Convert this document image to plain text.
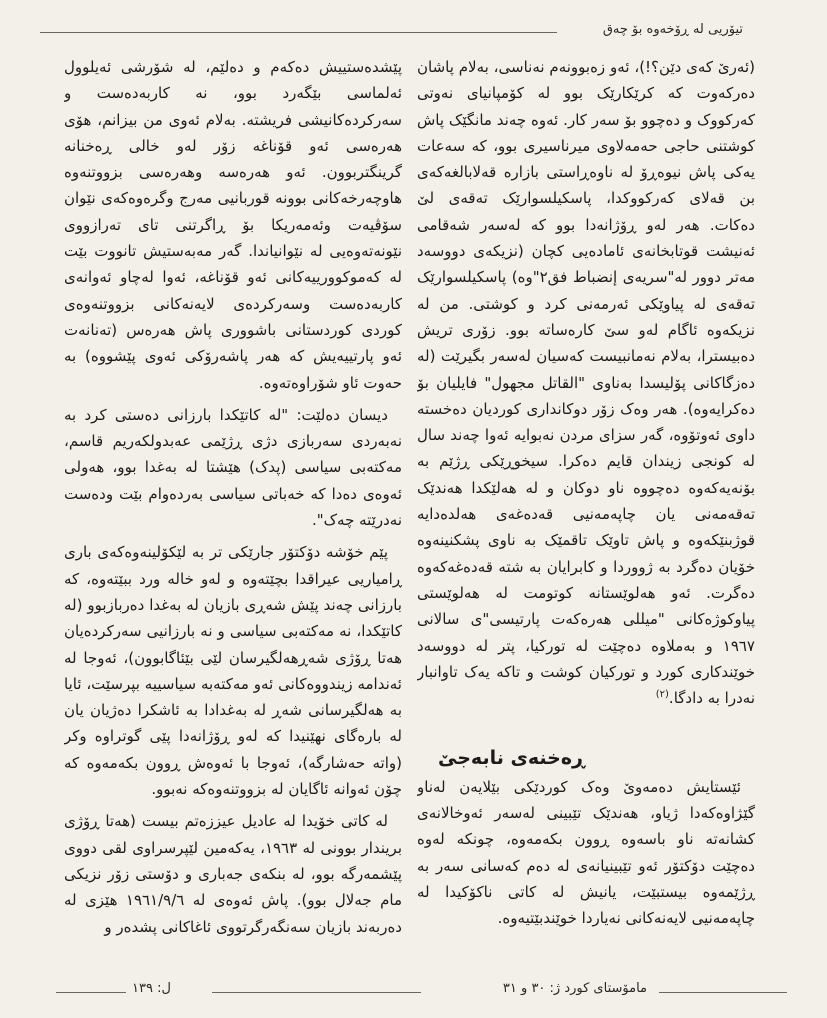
تیۆریی لە ڕۆخەوە بۆ چەق

(ئەرێ کەی دێن؟!)، ئەو زەبوونەم نەناسی، بەلام پاشان دەرکەوت کە کرێکارێک بوو لە کۆمپانیای نەوتی کەرکووک و دەچوو بۆ سەر کار. ئەوە چەند مانگێک پاش کوشتنی حاجی حەمەلاوی میرناسیری بوو، کە سەعات یەکی پاش نیوەڕۆ لە ناوەڕاستی بازارە قەلابالغەکەی بن قەلای کەرکووکدا، پاسکیلسوارێک تەقەی لێ دەکات. هەر لەو ڕۆژانەدا بوو کە لەسەر شەقامی ئەنیشت قوتابخانەی ئامادەیی کچان (نزیکەی دووسەد مەتر دوور لە"سریەی إنضباط فق٢"وە) پاسکیلسوارێک تەقەی لە پیاوێکی ئەرمەنی کرد و کوشتی. من لە نزیکەوە ئاگام لەو سێ کارەساتە بوو. زۆری تریش دەبیسترا، بەلام نەمانبیست کەسیان لەسەر بگیرێت (لە دەزگاکانی پۆلیسدا بەناوی "القاتل مجهول" فایلیان بۆ دەکرایەوە). هەر وەک زۆر دوکانداری کوردیان دەخستە داوی ئەوتۆوە، گەر سزای مردن نەبوایە ئەوا چەند سال لە کونجی زیندان قایم دەکرا. سیخوڕێکی ڕژێم بە بۆنەیەکەوە دەچووە ناو دوکان و لە هەلێکدا هەندێک تەقەمەنی یان چاپەمەنیی قەدەغەی هەلدەدایە قوژبنێکەوە و پاش تاوێک تاقمێک بە ناوی پشکنینەوە خۆیان دەگرد بە ژووردا و کابرایان بە شتە قەدەغەکەوە دەگرت. ئەو هەلوێستانە کوتومت لە هەلوێستی پیاوکوژەکانی "میللی هەرەکەت پارتیسی"ی سالانی ١٩٦٧ و بەملاوە دەچێت لە تورکیا، پتر لە دووسەد خوێندکاری کورد و تورکیان کوشت و تاکە یەک تاوانبار نەدرا بە دادگا.$^{(٢)}$

ڕەخنەی نابەجێ

ئێستایش دەمەوێ وەک کوردێکی بێلایەن لەناو گێژاوەکەدا ژیاو، هەندێک تێبینی لەسەر ئەوخالانەی کشانەتە ناو باسەوە ڕوون بکەمەوە، چونکە لەوە دەچێت دۆکتۆر ئەو تێبینیانەی لە دەم کەسانی سەر بە ڕژێمەوە بیستبێت، یانیش لە کاتی ناکۆکیدا لە چاپەمەنیی لایەنەکانی نەیاردا خوێندبێتیەوە.

پێشدەستییش دەکەم و دەلێم، لە شۆرشی ئەیلوول ئەلماسی بێگەرد بوو، نە کاربەدەست و سەرکردەکانیشی فریشتە. بەلام ئەوی من بیزانم، هۆی هەرەسی ئەو قۆناغە زۆر لەو خالی ڕەخنانە گرینگتربوون. ئەو هەرەسە وهەرەسی بزووتنەوە هاوچەرخەکانی بوونە قوربانیی مەرج وگرەوەکەی نێوان سۆڤیەت وئەمەریکا بۆ ڕاگرتنی تای تەرازووی نێونەتەوەیی لە نێوانیاندا. گەر مەبەستیش تانووت بێت لە کەموکوورییەکانی ئەو قۆناغە، ئەوا لەچاو ئەوانەی کاربەدەست وسەرکردەی لایەنەکانی بزووتنەوەی کوردی کوردستانی باشووری پاش هەرەس (تەنانەت ئەو پارتییەیش کە هەر پاشەرۆکی ئەوی پێشووە) بە حەوت ئاو شۆراوەتەوە.

دیسان دەلێت: "لە کاتێکدا بارزانی دەستی کرد بە نەبەردی سەربازی دژی ڕژێمی عەبدولکەریم قاسم، مەکتەبی سیاسی (پدک) هێشتا لە بەغدا بوو، هەولی ئەوەی دەدا کە خەباتی سیاسی بەردەوام بێت ودەست نەدرێتە چەک".

پێم خۆشە دۆکتۆر جارێکی تر بە لێکۆلینەوەکەی باری ڕامیاریی عیراقدا بچێتەوە و لەو خالە ورد ببێتەوە، کە بارزانی چەند پێش شەڕی بازیان لە بەغدا دەربازبوو (لە کاتێکدا، نە مەکتەبی سیاسی و نە بارزانیی سەرکردەیان هەتا ڕۆژی شەڕهەلگیرسان لێی بێئاگابوون)، ئەوجا لە ئەندامە زیندووەکانی ئەو مەکتەبە سیاسییە بپرسێت، ئایا بە هەلگیرسانی شەڕ لە بەغدادا بە ئاشکرا دەژیان یان لە بارەگای نهێنیدا کە لەو ڕۆژانەدا پێی گوتراوە وکر (واتە حەشارگە)، ئەوجا با ئەوەش ڕوون بکەمەوە کە چۆن ئەوانە ئاگایان لە بزووتنەوەکە نەبوو.

لە کاتی خۆیدا لە عادیل عیززەتم بیست (هەتا ڕۆژی بریندار بوونی لە ١٩٦٣، یەکەمین لێپرسراوی لقی دووی پێشمەرگە بوو، لە بنکەی جەباری و دۆستی زۆر نزیکی مام جەلال بوو). پاش ئەوەی لە ١٩٦١/٩/٦ هێزی لە دەربەند بازیان سەنگەرگرتووی ئاغاکانی پشدەر و

مامۆستای کورد ژ: ٣٠ و ٣١
ل: ١٣٩
